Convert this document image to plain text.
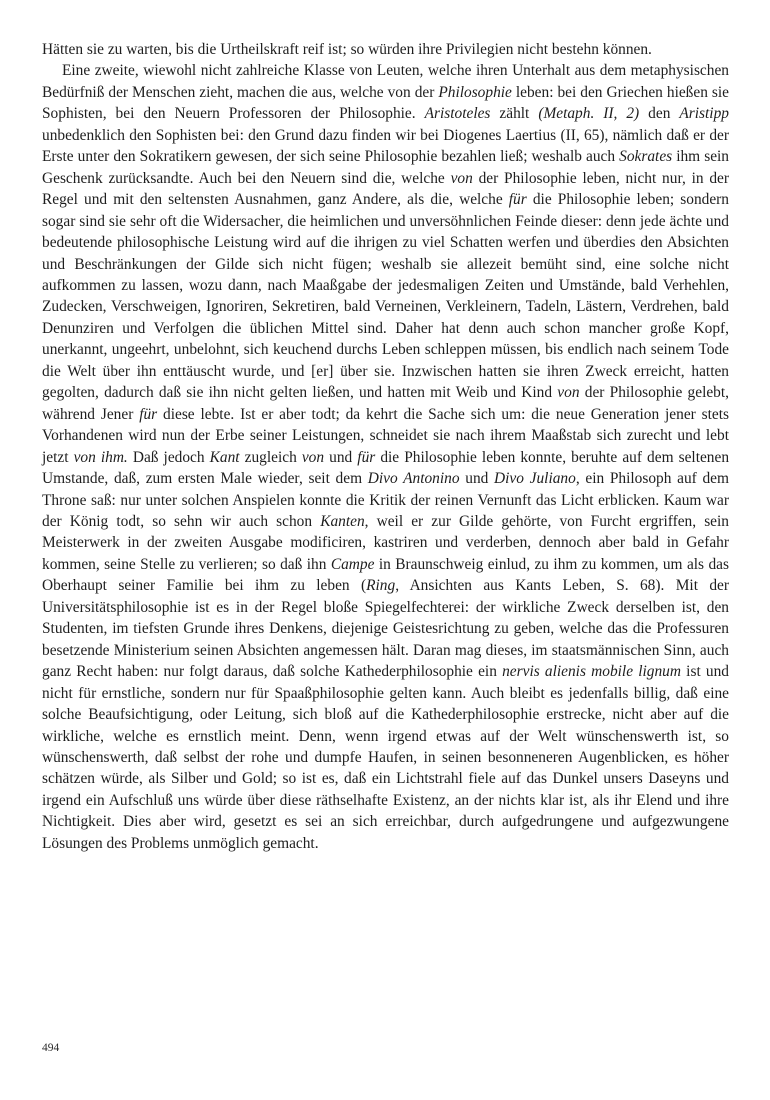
Hätten sie zu warten, bis die Urtheilskraft reif ist; so würden ihre Privilegien nicht bestehn können.

Eine zweite, wiewohl nicht zahlreiche Klasse von Leuten, welche ihren Unterhalt aus dem metaphysischen Bedürfniß der Menschen zieht, machen die aus, welche von der Philosophie leben: bei den Griechen hießen sie Sophisten, bei den Neuern Professoren der Philosophie. Aristoteles zählt (Metaph. II, 2) den Aristipp unbedenklich den Sophisten bei: den Grund dazu finden wir bei Diogenes Laertius (II, 65), nämlich daß er der Erste unter den Sokratikern gewesen, der sich seine Philosophie bezahlen ließ; weshalb auch Sokrates ihm sein Geschenk zurücksandte. Auch bei den Neuern sind die, welche von der Philosophie leben, nicht nur, in der Regel und mit den seltensten Ausnahmen, ganz Andere, als die, welche für die Philosophie leben; sondern sogar sind sie sehr oft die Widersacher, die heimlichen und unversöhnlichen Feinde dieser: denn jede ächte und bedeutende philosophische Leistung wird auf die ihrigen zu viel Schatten werfen und überdies den Absichten und Beschränkungen der Gilde sich nicht fügen; weshalb sie allezeit bemüht sind, eine solche nicht aufkommen zu lassen, wozu dann, nach Maaßgabe der jedesmaligen Zeiten und Umstände, bald Verhehlen, Zudecken, Verschweigen, Ignoriren, Sekretiren, bald Verneinen, Verkleinern, Tadeln, Lästern, Verdrehen, bald Denunziren und Verfolgen die üblichen Mittel sind. Daher hat denn auch schon mancher große Kopf, unerkannt, ungeehrt, unbelohnt, sich keuchend durchs Leben schleppen müssen, bis endlich nach seinem Tode die Welt über ihn enttäuscht wurde, und [er] über sie. Inzwischen hatten sie ihren Zweck erreicht, hatten gegolten, dadurch daß sie ihn nicht gelten ließen, und hatten mit Weib und Kind von der Philosophie gelebt, während Jener für diese lebte. Ist er aber todt; da kehrt die Sache sich um: die neue Generation jener stets Vorhandenen wird nun der Erbe seiner Leistungen, schneidet sie nach ihrem Maaßstab sich zurecht und lebt jetzt von ihm. Daß jedoch Kant zugleich von und für die Philosophie leben konnte, beruhte auf dem seltenen Umstande, daß, zum ersten Male wieder, seit dem Divo Antonino und Divo Juliano, ein Philosoph auf dem Throne saß: nur unter solchen Anspielen konnte die Kritik der reinen Vernunft das Licht erblicken. Kaum war der König todt, so sehn wir auch schon Kanten, weil er zur Gilde gehörte, von Furcht ergriffen, sein Meisterwerk in der zweiten Ausgabe modificiren, kastriren und verderben, dennoch aber bald in Gefahr kommen, seine Stelle zu verlieren; so daß ihn Campe in Braunschweig einlud, zu ihm zu kommen, um als das Oberhaupt seiner Familie bei ihm zu leben (Ring, Ansichten aus Kants Leben, S. 68). Mit der Universitätsphilosophie ist es in der Regel bloße Spiegelfechterei: der wirkliche Zweck derselben ist, den Studenten, im tiefsten Grunde ihres Denkens, diejenige Geistesrichtung zu geben, welche das die Professuren besetzende Ministerium seinen Absichten angemessen hält. Daran mag dieses, im staatsmännischen Sinn, auch ganz Recht haben: nur folgt daraus, daß solche Kathederphilosophie ein nervis alienis mobile lignum ist und nicht für ernstliche, sondern nur für Spaaßphilosophie gelten kann. Auch bleibt es jedenfalls billig, daß eine solche Beaufsichtigung, oder Leitung, sich bloß auf die Kathederphilosophie erstrecke, nicht aber auf die wirkliche, welche es ernstlich meint. Denn, wenn irgend etwas auf der Welt wünschenswerth ist, so wünschenswerth, daß selbst der rohe und dumpfe Haufen, in seinen besonneneren Augenblicken, es höher schätzen würde, als Silber und Gold; so ist es, daß ein Lichtstrahl fiele auf das Dunkel unsers Daseyns und irgend ein Aufschluß uns würde über diese räthselhafte Existenz, an der nichts klar ist, als ihr Elend und ihre Nichtigkeit. Dies aber wird, gesetzt es sei an sich erreichbar, durch aufgedrungene und aufgezwungene Lösungen des Problems unmöglich gemacht.

494
